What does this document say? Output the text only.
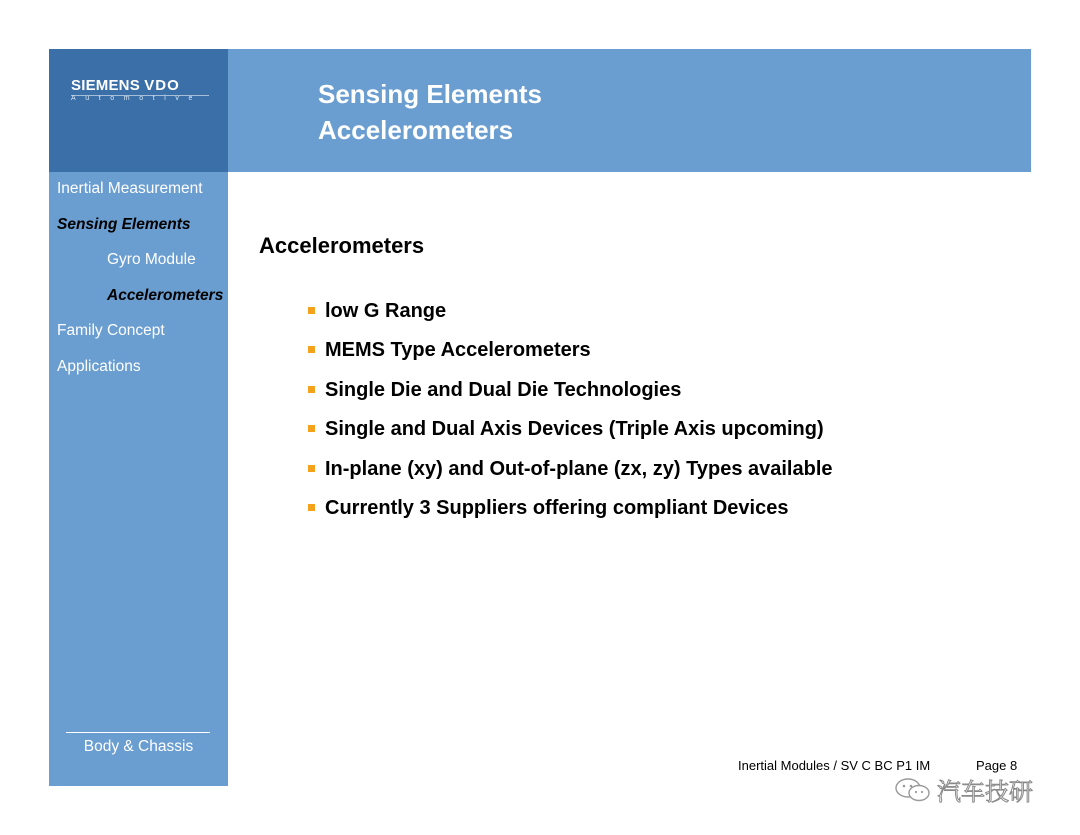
SIEMENS VDO
Automotive	Sensing Elements
Accelerometers
Inertial Measurement
Sensing Elements
Gyro Module
Accelerometers
Family Concept
Applications
Body & Chassis
Accelerometers
low G Range
MEMS Type Accelerometers
Single Die and Dual Die Technologies
Single and Dual Axis Devices (Triple Axis upcoming)
In-plane (xy) and Out-of-plane (zx, zy) Types available
Currently 3 Suppliers offering compliant Devices
Inertial Modules / SV C BC P1 IM	Page 8
汽车技研
